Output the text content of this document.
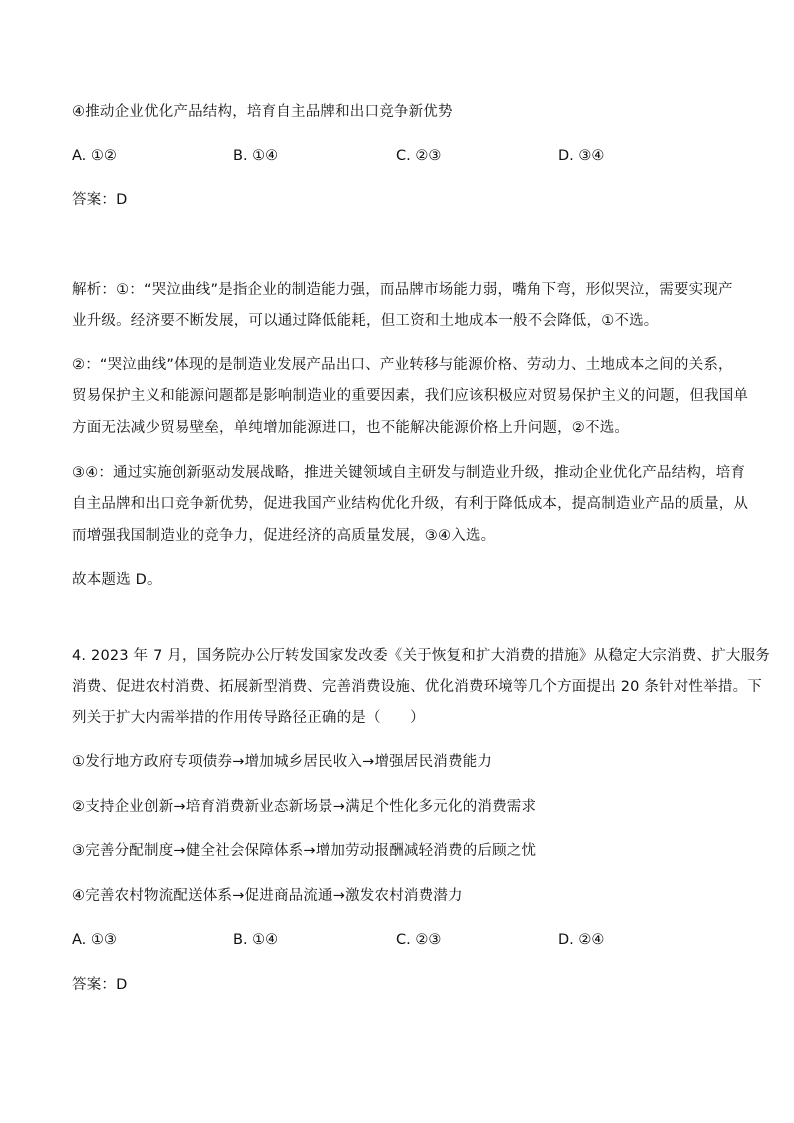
④推动企业优化产品结构，培育自主品牌和出口竞争新优势
A. ①②	B. ①④	C. ②③	D. ③④
答案：D
解析：①：“哭泣曲线”是指企业的制造能力强，而品牌市场能力弱，嘴角下弯，形似哭泣，需要实现产
业升级。经济要不断发展，可以通过降低能耗，但工资和土地成本一般不会降低，①不选。
②：“哭泣曲线”体现的是制造业发展产品出口、产业转移与能源价格、劳动力、土地成本之间的关系，
贸易保护主义和能源问题都是影响制造业的重要因素，我们应该积极应对贸易保护主义的问题，但我国单
方面无法减少贸易壁垒，单纯增加能源进口，也不能解决能源价格上升问题，②不选。
③④：通过实施创新驱动发展战略，推进关键领域自主研发与制造业升级，推动企业优化产品结构，培育
自主品牌和出口竞争新优势，促进我国产业结构优化升级，有利于降低成本，提高制造业产品的质量，从
而增强我国制造业的竞争力，促进经济的高质量发展，③④入选。
故本题选 D。
4. 2023 年 7 月，国务院办公厅转发国家发改委《关于恢复和扩大消费的措施》从稳定大宗消费、扩大服务
消费、促进农村消费、拓展新型消费、完善消费设施、优化消费环境等几个方面提出 20 条针对性举措。下
列关于扩大内需举措的作用传导路径正确的是（　　）
①发行地方政府专项债券→增加城乡居民收入→增强居民消费能力
②支持企业创新→培育消费新业态新场景→满足个性化多元化的消费需求
③完善分配制度→健全社会保障体系→增加劳动报酬减轻消费的后顾之忧
④完善农村物流配送体系→促进商品流通→激发农村消费潜力
A. ①③	B. ①④	C. ②③	D. ②④
答案：D
